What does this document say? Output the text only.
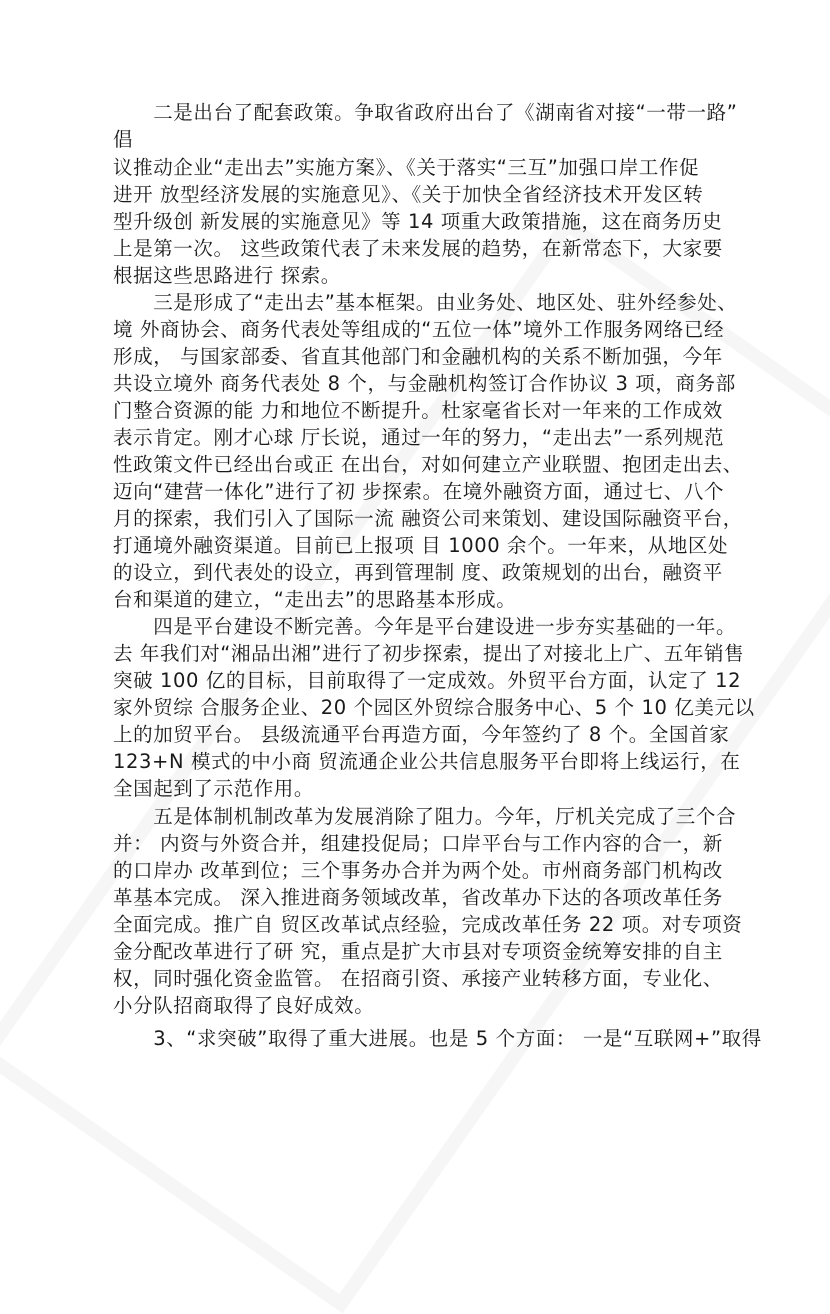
　　二是出台了配套政策。争取省政府出台了《湖南省对接“一带一路”
倡
议推动企业“走出去”实施方案》、《关于落实“三互”加强口岸工作促
进开 放型经济发展的实施意见》、《关于加快全省经济技术开发区转
型升级创 新发展的实施意见》等 14 项重大政策措施，这在商务历史
上是第一次。 这些政策代表了未来发展的趋势，在新常态下，大家要
根据这些思路进行 探索。
　　三是形成了“走出去”基本框架。由业务处、地区处、驻外经参处、
境 外商协会、商务代表处等组成的“五位一体”境外工作服务网络已经
形成， 与国家部委、省直其他部门和金融机构的关系不断加强，今年
共设立境外 商务代表处 8 个，与金融机构签订合作协议 3 项，商务部
门整合资源的能 力和地位不断提升。杜家毫省长对一年来的工作成效
表示肯定。刚才心球 厅长说，通过一年的努力，“走出去”一系列规范
性政策文件已经出台或正 在出台，对如何建立产业联盟、抱团走出去、
迈向“建营一体化”进行了初 步探索。在境外融资方面，通过七、八个
月的探索，我们引入了国际一流 融资公司来策划、建设国际融资平台，
打通境外融资渠道。目前已上报项 目 1000 余个。一年来，从地区处
的设立，到代表处的设立，再到管理制 度、政策规划的出台，融资平
台和渠道的建立，“走出去”的思路基本形成。
　　四是平台建设不断完善。今年是平台建设进一步夯实基础的一年。
去 年我们对“湘品出湘”进行了初步探索，提出了对接北上广、五年销售
突破 100 亿的目标，目前取得了一定成效。外贸平台方面，认定了 12
家外贸综 合服务企业、20 个园区外贸综合服务中心、5 个 10 亿美元以
上的加贸平台。 县级流通平台再造方面，今年签约了 8 个。全国首家
123+N 模式的中小商 贸流通企业公共信息服务平台即将上线运行，在
全国起到了示范作用。
　　五是体制机制改革为发展消除了阻力。今年，厅机关完成了三个合
并： 内资与外资合并，组建投促局；口岸平台与工作内容的合一，新
的口岸办 改革到位；三个事务办合并为两个处。市州商务部门机构改
革基本完成。 深入推进商务领域改革，省改革办下达的各项改革任务
全面完成。推广自 贸区改革试点经验，完成改革任务 22 项。对专项资
金分配改革进行了研 究，重点是扩大市县对专项资金统筹安排的自主
权，同时强化资金监管。 在招商引资、承接产业转移方面，专业化、
小分队招商取得了良好成效。
　　3、“求突破”取得了重大进展。也是 5 个方面： 一是“互联网+”取得
